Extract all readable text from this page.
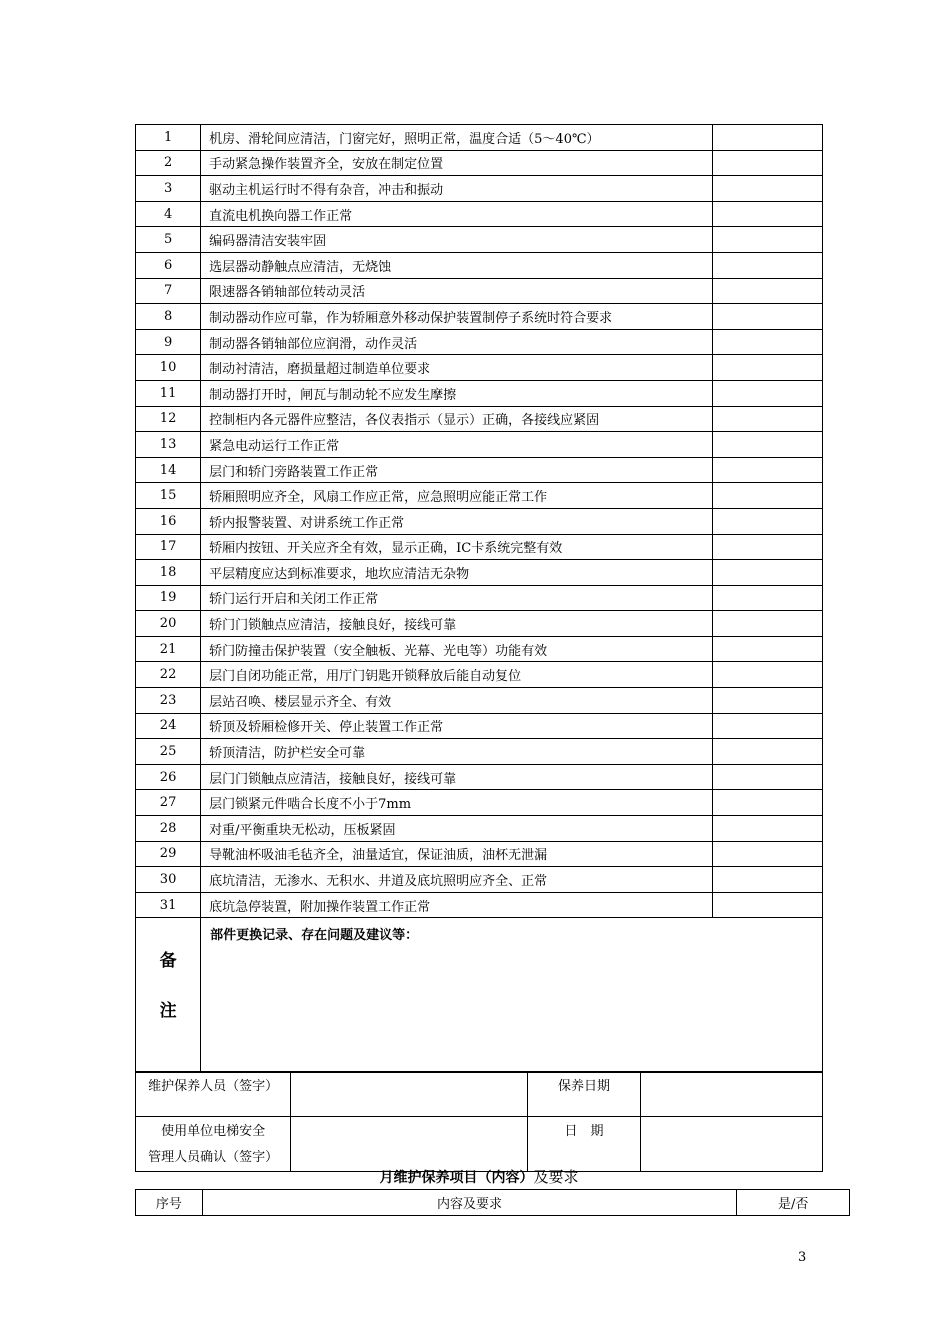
1	机房、滑轮间应清洁，门窗完好，照明正常，温度合适（5～40℃）	
2	手动紧急操作装置齐全，安放在制定位置	
3	驱动主机运行时不得有杂音，冲击和振动	
4	直流电机换向器工作正常	
5	编码器清洁安装牢固	
6	选层器动静触点应清洁，无烧蚀	
7	限速器各销轴部位转动灵活	
8	制动器动作应可靠，作为轿厢意外移动保护装置制停子系统时符合要求	
9	制动器各销轴部位应润滑，动作灵活	
10	制动衬清洁，磨损量超过制造单位要求	
11	制动器打开时，闸瓦与制动轮不应发生摩擦	
12	控制柜内各元器件应整洁，各仪表指示（显示）正确，各接线应紧固	
13	紧急电动运行工作正常	
14	层门和轿门旁路装置工作正常	
15	轿厢照明应齐全，风扇工作应正常，应急照明应能正常工作	
16	轿内报警装置、对讲系统工作正常	
17	轿厢内按钮、开关应齐全有效，显示正确，IC卡系统完整有效	
18	平层精度应达到标准要求，地坎应清洁无杂物	
19	轿门运行开启和关闭工作正常	
20	轿门门锁触点应清洁，接触良好，接线可靠	
21	轿门防撞击保护装置（安全触板、光幕、光电等）功能有效	
22	层门自闭功能正常，用厅门钥匙开锁释放后能自动复位	
23	层站召唤、楼层显示齐全、有效	
24	轿顶及轿厢检修开关、停止装置工作正常	
25	轿顶清洁，防护栏安全可靠	
26	层门门锁触点应清洁，接触良好，接线可靠	
27	层门锁紧元件啮合长度不小于7mm	
28	对重/平衡重块无松动，压板紧固	
29	导靴油杯吸油毛毡齐全，油量适宜，保证油质，油杯无泄漏	
30	底坑清洁，无渗水、无积水、井道及底坑照明应齐全、正常	
31	底坑急停装置，附加操作装置工作正常	

备
注	部件更换记录、存在问题及建议等：	
维护保养人员（签字）		保养日期	
使用单位电梯安全
管理人员确认（签字）		日　期	
月维护保养项目（内容）及要求
序号	内容及要求	是/否
3
